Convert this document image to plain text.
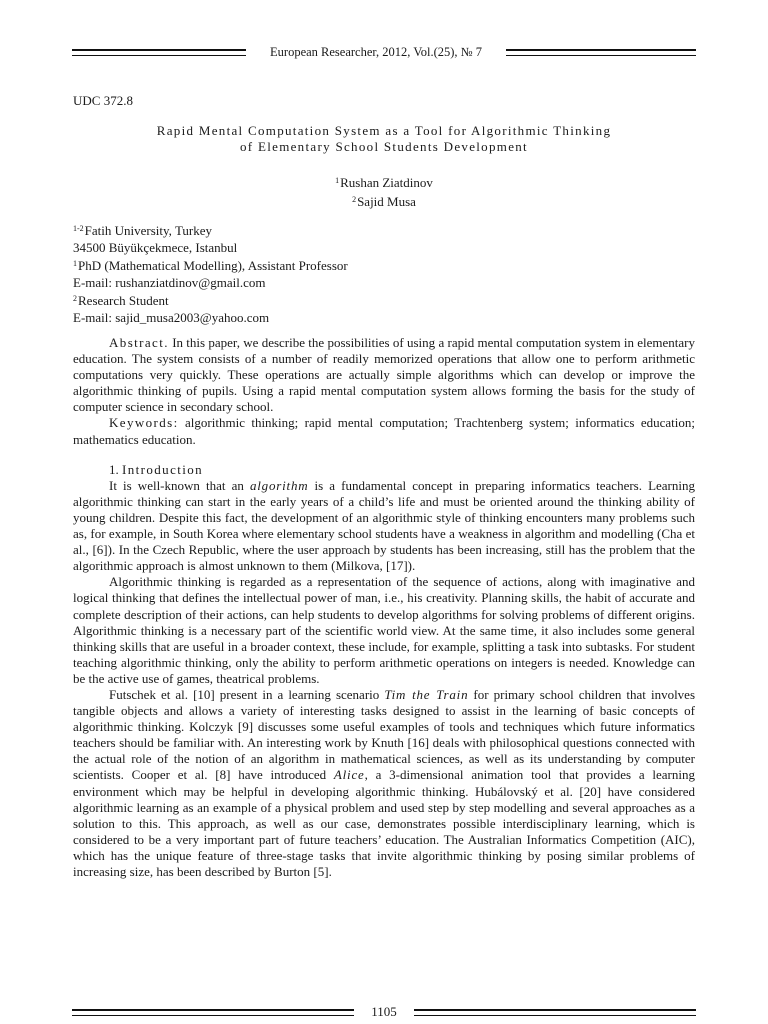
European Researcher, 2012, Vol.(25), № 7
UDC 372.8
Rapid Mental Computation System as a Tool for Algorithmic Thinking
of Elementary School Students Development
$^1$Rushan Ziatdinov
$^2$Sajid Musa
$^{1-2}$Fatih University, Turkey
34500 Büyükçekmece, Istanbul
$^1$PhD (Mathematical Modelling), Assistant Professor
E-mail: rushanziatdinov@gmail.com
$^2$Research Student
E-mail: sajid_musa2003@yahoo.com

Abstract. In this paper, we describe the possibilities of using a rapid mental computation system in elementary education. The system consists of a number of readily memorized operations that allow one to perform arithmetic computations very quickly. These operations are actually simple algorithms which can develop or improve the algorithmic thinking of pupils. Using a rapid mental computation system allows forming the basis for the study of computer science in secondary school.

Keywords: algorithmic thinking; rapid mental computation; Trachtenberg system; informatics education; mathematics education.

1. Introduction

It is well-known that an algorithm is a fundamental concept in preparing informatics teachers. Learning algorithmic thinking can start in the early years of a child’s life and must be oriented around the thinking ability of young children. Despite this fact, the development of an algorithmic style of thinking encounters many problems such as, for example, in South Korea where elementary school students have a weakness in algorithm and modelling (Cha et al., [6]). In the Czech Republic, where the user approach by students has been increasing, still has the problem that the algorithmic approach is almost unknown to them (Milkova, [17]).

Algorithmic thinking is regarded as a representation of the sequence of actions, along with imaginative and logical thinking that defines the intellectual power of man, i.e., his creativity. Planning skills, the habit of accurate and complete description of their actions, can help students to develop algorithms for solving problems of different origins. Algorithmic thinking is a necessary part of the scientific world view. At the same time, it also includes some general thinking skills that are useful in a broader context, these include, for example, splitting a task into subtasks. For student teaching algorithmic thinking, only the ability to perform arithmetic operations on integers is needed. Knowledge can be the active use of games, theatrical problems.

Futschek et al. [10] present in a learning scenario Tim the Train for primary school children that involves tangible objects and allows a variety of interesting tasks designed to assist in the learning of basic concepts of algorithmic thinking. Kolczyk [9] discusses some useful examples of tools and techniques which future informatics teachers should be familiar with. An interesting work by Knuth [16] deals with philosophical questions connected with the actual role of the notion of an algorithm in mathematical sciences, as well as its understanding by computer scientists. Cooper et al. [8] have introduced Alice, a 3-dimensional animation tool that provides a learning environment which may be helpful in developing algorithmic thinking. Hubálovský et al. [20] have considered algorithmic learning as an example of a physical problem and used step by step modelling and several approaches as a solution to this. This approach, as well as our case, demonstrates possible interdisciplinary learning, which is considered to be a very important part of future teachers’ education. The Australian Informatics Competition (AIC), which has the unique feature of three-stage tasks that invite algorithmic thinking by posing similar problems of increasing size, has been described by Burton [5].

1105
